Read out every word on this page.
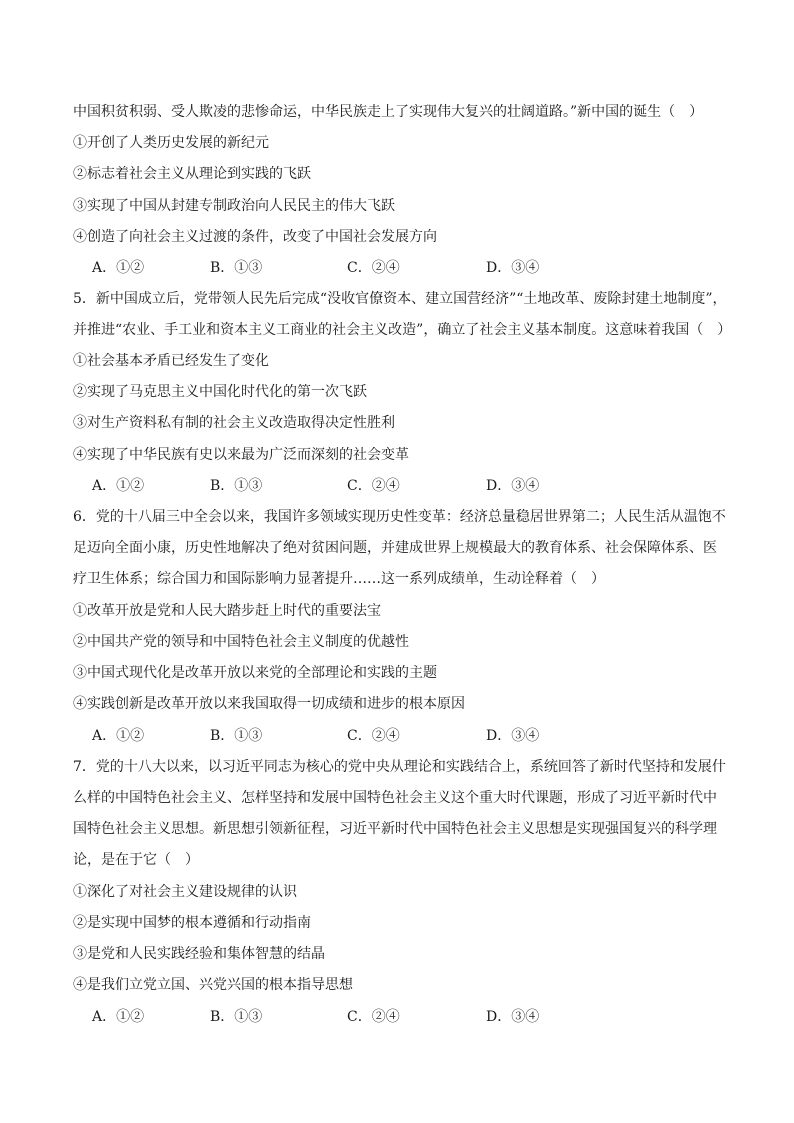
中国积贫积弱、受人欺凌的悲惨命运，中华民族走上了实现伟大复兴的壮阔道路。”新中国的诞生（　）
①开创了人类历史发展的新纪元
②标志着社会主义从理论到实践的飞跃
③实现了中国从封建专制政治向人民民主的伟大飞跃
④创造了向社会主义过渡的条件，改变了中国社会发展方向
A．①②	B．①③	C．②④	D．③④
5．新中国成立后，党带领人民先后完成“没收官僚资本、建立国营经济”“土地改革、废除封建土地制度”，
并推进“农业、手工业和资本主义工商业的社会主义改造”，确立了社会主义基本制度。这意味着我国（　）
①社会基本矛盾已经发生了变化
②实现了马克思主义中国化时代化的第一次飞跃
③对生产资料私有制的社会主义改造取得决定性胜利
④实现了中华民族有史以来最为广泛而深刻的社会变革
A．①②	B．①③	C．②④	D．③④
6．党的十八届三中全会以来，我国许多领域实现历史性变革：经济总量稳居世界第二；人民生活从温饱不
足迈向全面小康，历史性地解决了绝对贫困问题，并建成世界上规模最大的教育体系、社会保障体系、医
疗卫生体系；综合国力和国际影响力显著提升……这一系列成绩单，生动诠释着（　）
①改革开放是党和人民大踏步赶上时代的重要法宝
②中国共产党的领导和中国特色社会主义制度的优越性
③中国式现代化是改革开放以来党的全部理论和实践的主题
④实践创新是改革开放以来我国取得一切成绩和进步的根本原因
A．①②	B．①③	C．②④	D．③④
7．党的十八大以来，以习近平同志为核心的党中央从理论和实践结合上，系统回答了新时代坚持和发展什
么样的中国特色社会主义、怎样坚持和发展中国特色社会主义这个重大时代课题，形成了习近平新时代中
国特色社会主义思想。新思想引领新征程，习近平新时代中国特色社会主义思想是实现强国复兴的科学理
论，是在于它（　）
①深化了对社会主义建设规律的认识
②是实现中国梦的根本遵循和行动指南
③是党和人民实践经验和集体智慧的结晶
④是我们立党立国、兴党兴国的根本指导思想
A．①②	B．①③	C．②④	D．③④
